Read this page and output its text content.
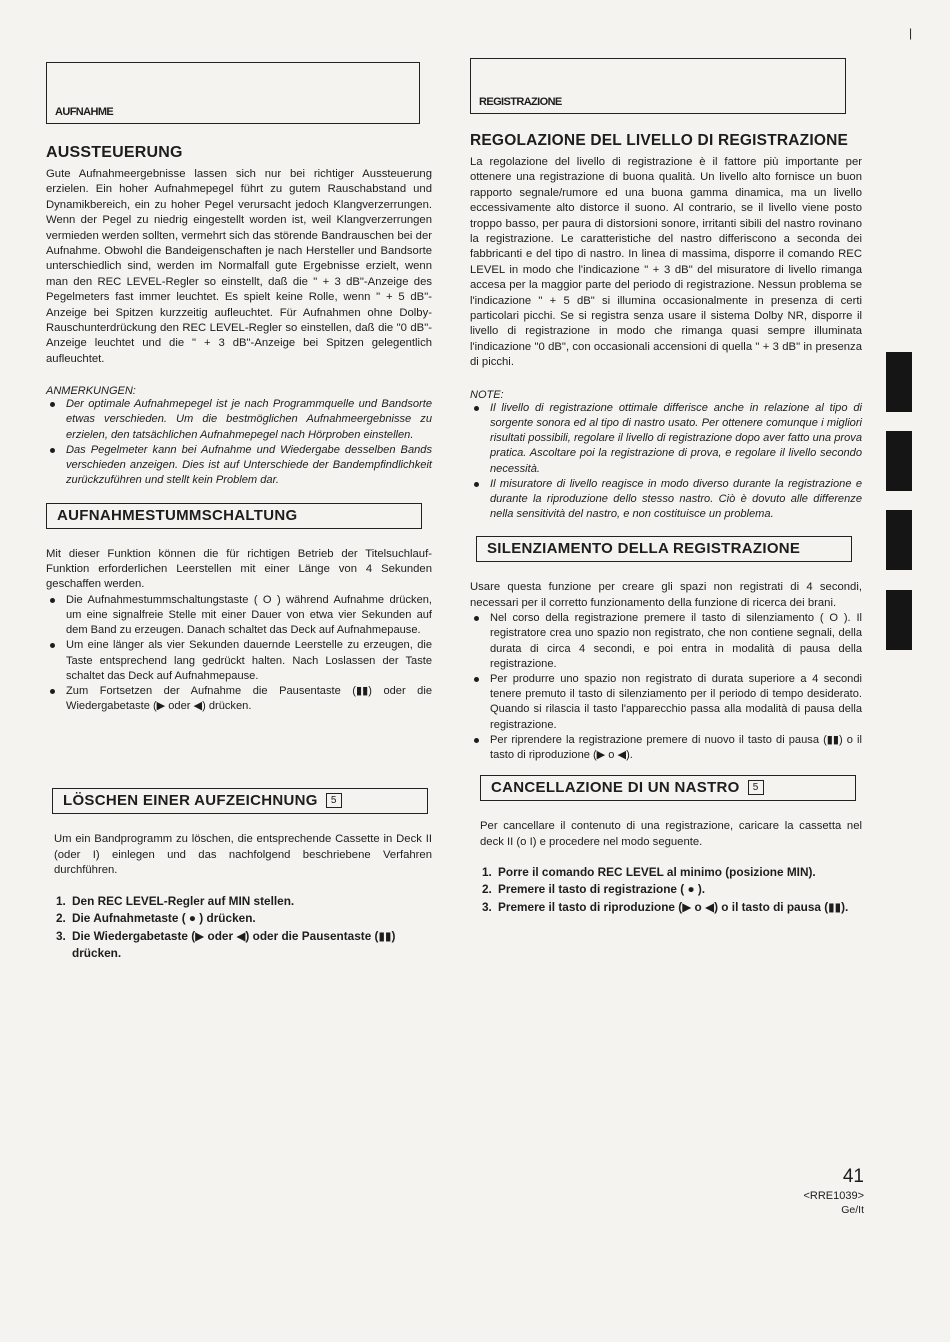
|
AUFNAHME
AUSSTEUERUNG

Gute Aufnahmeergebnisse lassen sich nur bei richtiger Aussteuerung erzielen. Ein hoher Aufnahmepegel führt zu gutem Rauschabstand und Dynamikbereich, ein zu hoher Pegel verursacht jedoch Klangverzerrungen. Wenn der Pegel zu niedrig eingestellt worden ist, weil Klangverzerrungen vermieden werden sollten, vermehrt sich das störende Bandrauschen bei der Aufnahme. Obwohl die Bandeigenschaften je nach Hersteller und Bandsorte unterschiedlich sind, werden im Normalfall gute Ergebnisse erzielt, wenn man den REC LEVEL-Regler so einstellt, daß die " + 3 dB"-Anzeige des Pegelmeters fast immer leuchtet. Es spielt keine Rolle, wenn " + 5 dB"-Anzeige bei Spitzen kurzzeitig aufleuchtet. Für Aufnahmen ohne Dolby-Rauschunterdrückung den REC LEVEL-Regler so einstellen, daß die "0 dB"-Anzeige leuchtet und die " + 3 dB"-Anzeige bei Spitzen gelegentlich aufleuchtet.

ANMERKUNGEN:

Der optimale Aufnahmepegel ist je nach Programmquelle und Bandsorte etwas verschieden. Um die bestmöglichen Aufnahmeergebnisse zu erzielen, den tatsächlichen Aufnahmepegel nach Hörproben einstellen.
Das Pegelmeter kann bei Aufnahme und Wiedergabe desselben Bands verschieden anzeigen. Dies ist auf Unterschiede der Bandempfindlichkeit zurückzuführen und stellt kein Problem dar.
AUFNAHMESTUMMSCHALTUNG

Mit dieser Funktion können die für richtigen Betrieb der Titelsuchlauf-Funktion erforderlichen Leerstellen mit einer Länge von 4 Sekunden geschaffen werden.

Die Aufnahmestummschaltungstaste ( O ) während Aufnahme drücken, um eine signalfreie Stelle mit einer Dauer von etwa vier Sekunden auf dem Band zu erzeugen. Danach schaltet das Deck auf Aufnahmepause.
Um eine länger als vier Sekunden dauernde Leerstelle zu erzeugen, die Taste entsprechend lang gedrückt halten. Nach Loslassen der Taste schaltet das Deck auf Aufnahmepause.
Zum Fortsetzen der Aufnahme die Pausentaste (▮▮) oder die Wiedergabetaste (▶ oder ◀) drücken.
LÖSCHEN EINER AUFZEICHNUNG 5

Um ein Bandprogramm zu löschen, die entsprechende Cassette in Deck II (oder I) einlegen und das nachfolgend beschriebene Verfahren durchführen.

1. Den REC LEVEL-Regler auf MIN stellen.
2. Die Aufnahmetaste ( ● ) drücken.
3. Die Wiedergabetaste (▶ oder ◀) oder die Pausentaste (▮▮) drücken.
REGISTRAZIONE
REGOLAZIONE DEL LIVELLO DI REGISTRAZIONE

La regolazione del livello di registrazione è il fattore più importante per ottenere una registrazione di buona qualità. Un livello alto fornisce un buon rapporto segnale/rumore ed una buona gamma dinamica, ma un livello eccessivamente alto distorce il suono. Al contrario, se il livello viene posto troppo basso, per paura di distorsioni sonore, irritanti sibili del nastro rovinano la registrazione. Le caratteristiche del nastro differiscono a seconda dei fabbricanti e del tipo di nastro. In linea di massima, disporre il comando REC LEVEL in modo che l'indicazione " + 3 dB" del misuratore di livello rimanga accesa per la maggior parte del periodo di registrazione. Nessun problema se l'indicazione " + 5 dB" si illumina occasionalmente in presenza di certi particolari picchi. Se si registra senza usare il sistema Dolby NR, disporre il livello di registrazione in modo che rimanga quasi sempre illuminata l'indicazione "0 dB", con occasionali accensioni di quella " + 3 dB" in presenza di picchi.

NOTE:

Il livello di registrazione ottimale differisce anche in relazione al tipo di sorgente sonora ed al tipo di nastro usato. Per ottenere comunque i migliori risultati possibili, regolare il livello di registrazione dopo aver fatto una prova pratica. Ascoltare poi la registrazione di prova, e regolare il livello secondo necessità.
Il misuratore di livello reagisce in modo diverso durante la registrazione e durante la riproduzione dello stesso nastro. Ciò è dovuto alle differenze nella sensitività del nastro, e non costituisce un problema.
SILENZIAMENTO DELLA REGISTRAZIONE

Usare questa funzione per creare gli spazi non registrati di 4 secondi, necessari per il corretto funzionamento della funzione di ricerca dei brani.

Nel corso della registrazione premere il tasto di silenziamento ( O ). Il registratore crea uno spazio non registrato, che non contiene segnali, della durata di circa 4 secondi, e poi entra in modalità di pausa della registrazione.
Per produrre uno spazio non registrato di durata superiore a 4 secondi tenere premuto il tasto di silenziamento per il periodo di tempo desiderato. Quando si rilascia il tasto l'apparecchio passa alla modalità di pausa della registrazione.
Per riprendere la registrazione premere di nuovo il tasto di pausa (▮▮) o il tasto di riproduzione (▶ o ◀).
CANCELLAZIONE DI UN NASTRO 5

Per cancellare il contenuto di una registrazione, caricare la cassetta nel deck II (o I) e procedere nel modo seguente.

1. Porre il comando REC LEVEL al minimo (posizione MIN).
2. Premere il tasto di registrazione ( ● ).
3. Premere il tasto di riproduzione (▶ o ◀) o il tasto di pausa (▮▮).
41
<RRE1039>
Ge/It
